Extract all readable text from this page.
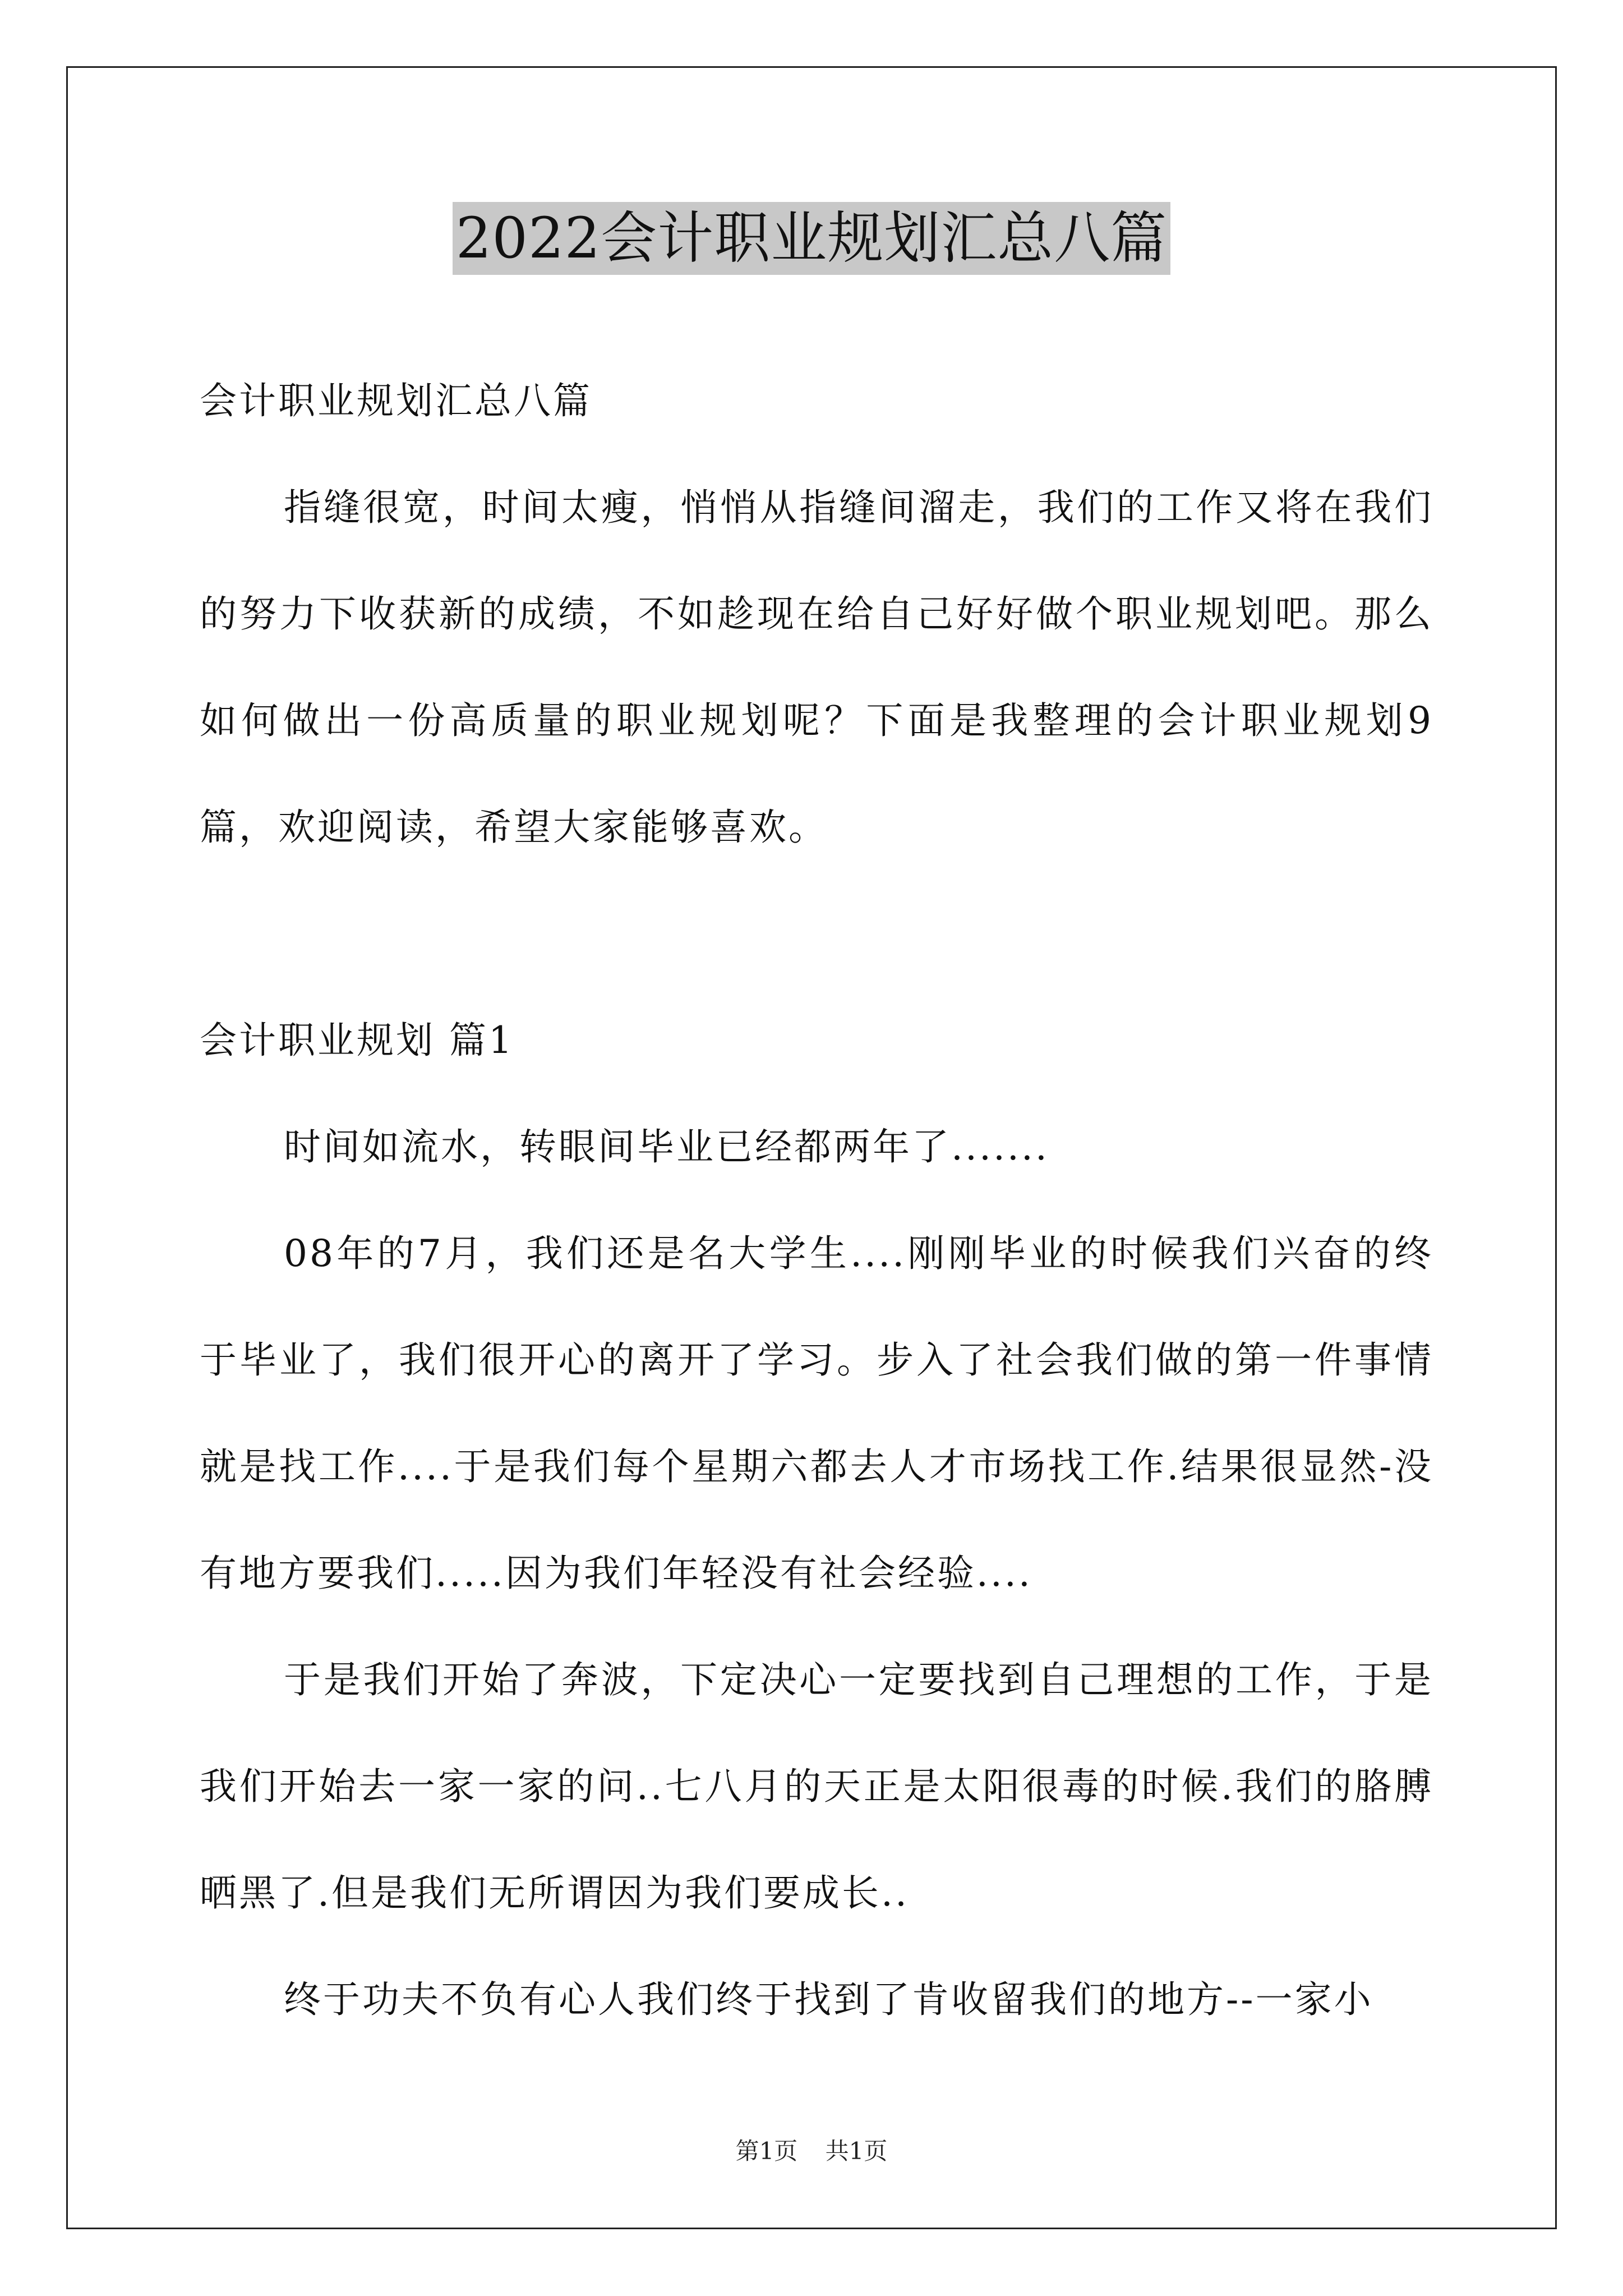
2022会计职业规划汇总八篇

会计职业规划汇总八篇

指缝很宽，时间太瘦，悄悄从指缝间溜走，我们的工作又将在我们的努力下收获新的成绩，不如趁现在给自己好好做个职业规划吧。那么如何做出一份高质量的职业规划呢？下面是我整理的会计职业规划9篇，欢迎阅读，希望大家能够喜欢。

会计职业规划 篇1

时间如流水，转眼间毕业已经都两年了.......

08年的7月，我们还是名大学生....刚刚毕业的时候我们兴奋的终于毕业了，我们很开心的离开了学习。步入了社会我们做的第一件事情就是找工作....于是我们每个星期六都去人才市场找工作.结果很显然-没有地方要我们.....因为我们年轻没有社会经验....

于是我们开始了奔波，下定决心一定要找到自己理想的工作，于是我们开始去一家一家的问..七八月的天正是太阳很毒的时候.我们的胳膊晒黑了.但是我们无所谓因为我们要成长..

终于功夫不负有心人我们终于找到了肯收留我们的地方--一家小

第1页 共1页
